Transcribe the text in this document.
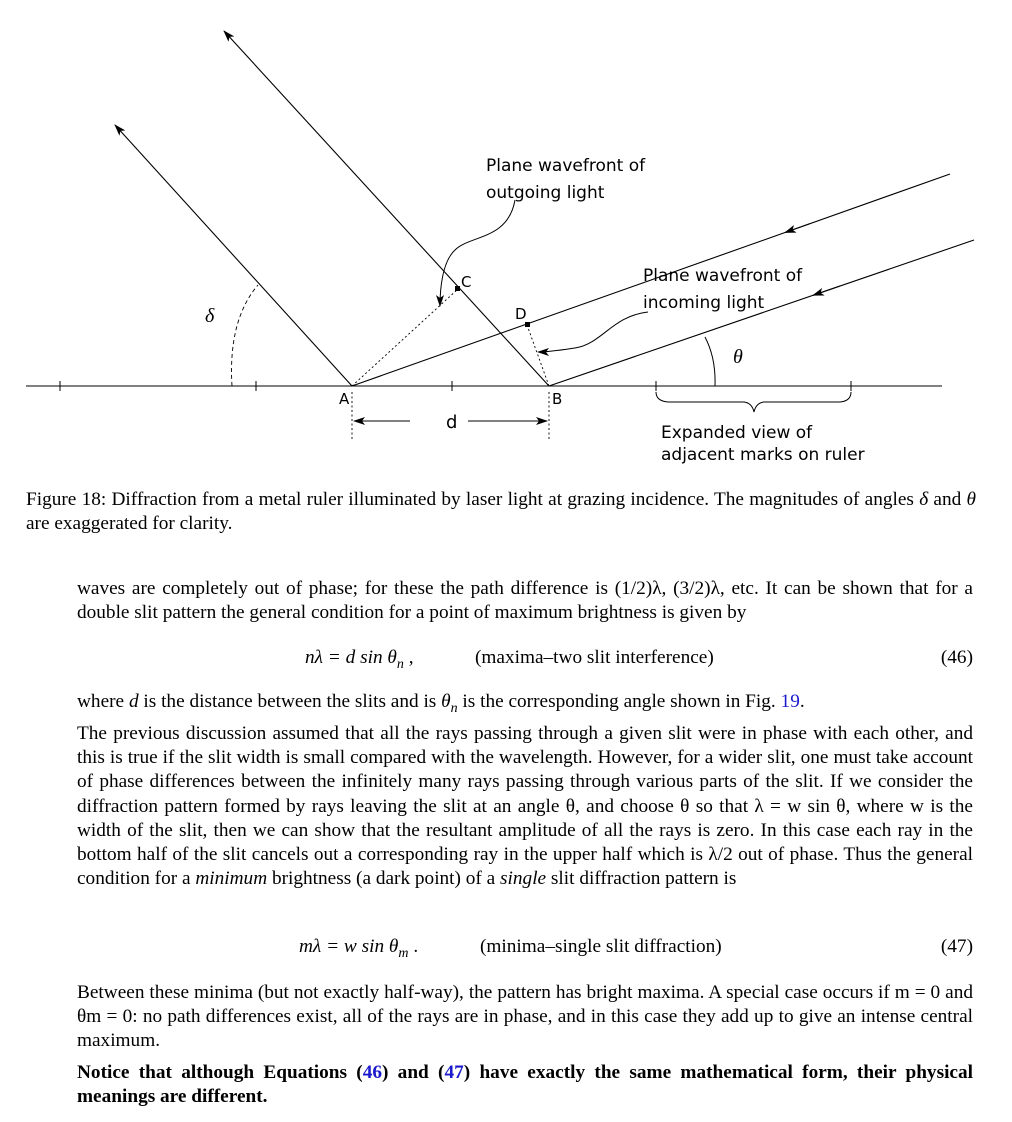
Plane wavefront of
outgoing light
Plane wavefront of
incoming light
Expanded view of
adjacent marks on ruler
A	B
C
D
d
δ
θ
Figure 18: Diffraction from a metal ruler illuminated by laser light at grazing incidence. The magnitudes of angles δ and θ are exaggerated for clarity.

waves are completely out of phase; for these the path difference is (1/2)λ, (3/2)λ, etc. It can be shown that for a double slit pattern the general condition for a point of maximum brightness is given by

nλ = d $\sin \theta_n$ ,	(maxima–two slit interference)	(46)

where d is the distance between the slits and is $\theta_n$ is the corresponding angle shown in Fig. 19.

The previous discussion assumed that all the rays passing through a given slit were in phase with each other, and this is true if the slit width is small compared with the wavelength. However, for a wider slit, one must take account of phase differences between the infinitely many rays passing through various parts of the slit. If we consider the diffraction pattern formed by rays leaving the slit at an angle θ, and choose θ so that λ = w sin θ, where w is the width of the slit, then we can show that the resultant amplitude of all the rays is zero. In this case each ray in the bottom half of the slit cancels out a corresponding ray in the upper half which is λ/2 out of phase. Thus the general condition for a minimum brightness (a dark point) of a single slit diffraction pattern is

mλ = w $\sin \theta_m$ .	(minima–single slit diffraction)	(47)

Between these minima (but not exactly half-way), the pattern has bright maxima. A special case occurs if m = 0 and θm = 0: no path differences exist, all of the rays are in phase, and in this case they add up to give an intense central maximum.

Notice that although Equations (46) and (47) have exactly the same mathematical form, their physical meanings are different.
